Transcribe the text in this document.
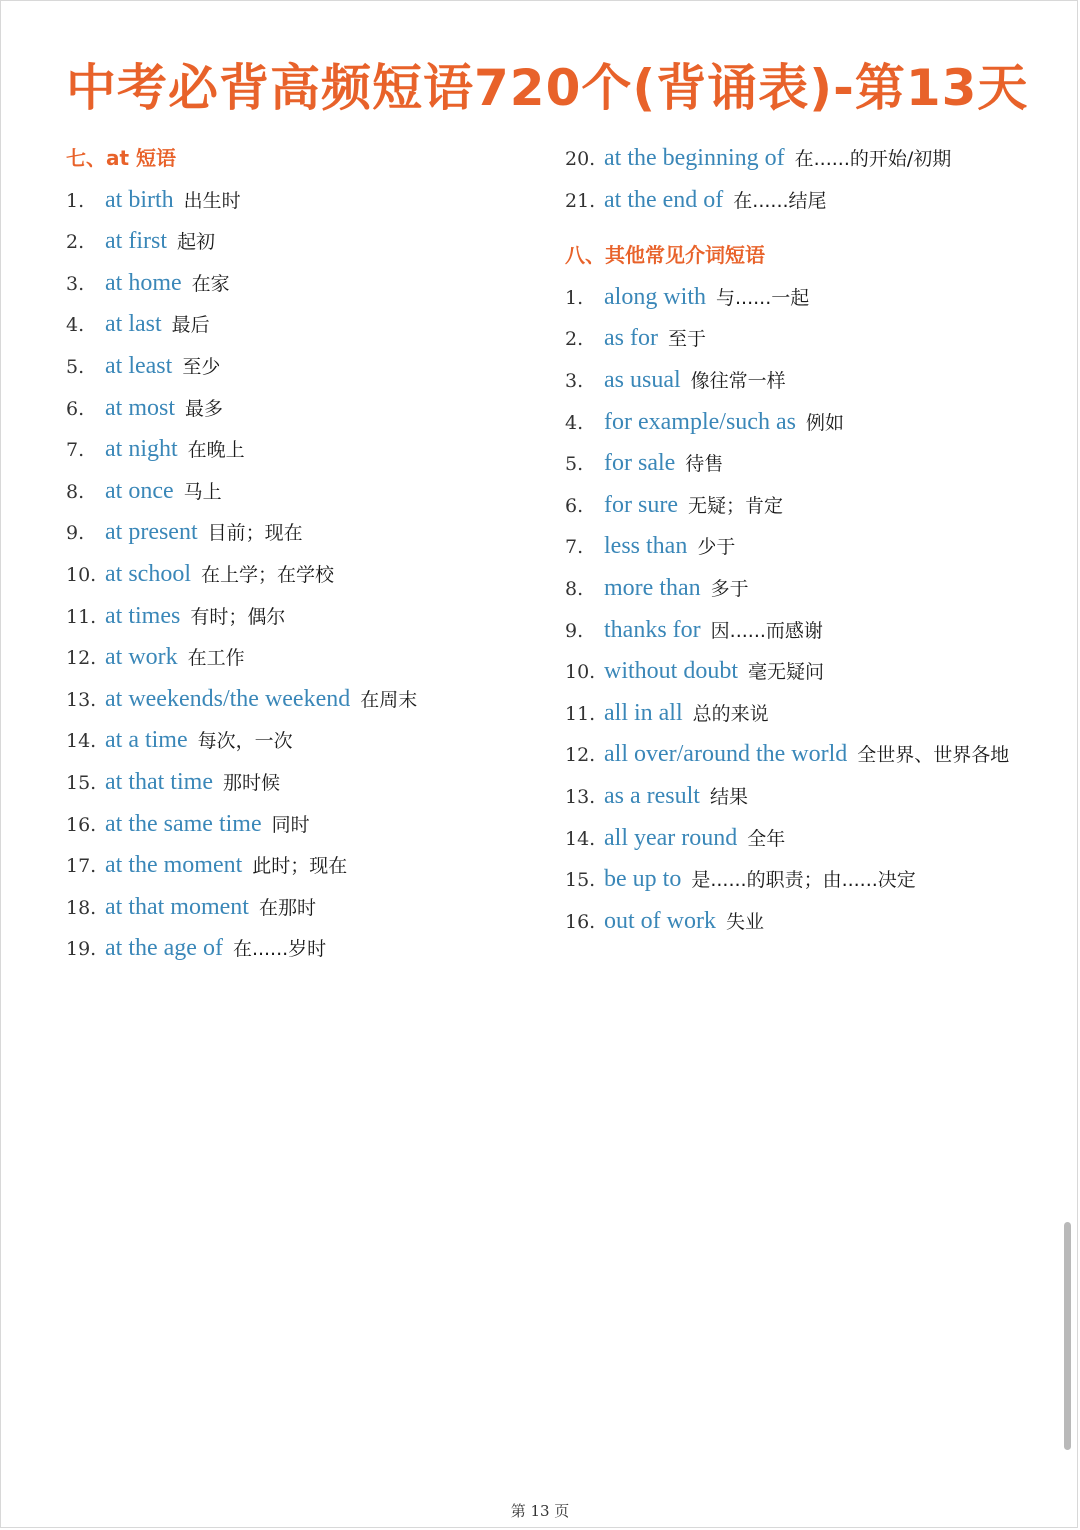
中考必背高频短语720个(背诵表)-第13天
七、at 短语
1. at birth 出生时
2. at first 起初
3. at home 在家
4. at last 最后
5. at least 至少
6. at most 最多
7. at night 在晚上
8. at once 马上
9. at present 目前；现在
10. at school 在上学；在学校
11. at times 有时；偶尔
12. at work 在工作
13. at weekends/the weekend 在周末
14. at a time 每次，一次
15. at that time 那时候
16. at the same time 同时
17. at the moment 此时；现在
18. at that moment 在那时
19. at the age of 在......岁时
20. at the beginning of 在......的开始/初期
21. at the end of 在......结尾
八、其他常见介词短语
1. along with 与......一起
2. as for 至于
3. as usual 像往常一样
4. for example/such as 例如
5. for sale 待售
6. for sure 无疑；肯定
7. less than 少于
8. more than 多于
9. thanks for 因......而感谢
10. without doubt 毫无疑问
11. all in all 总的来说
12. all over/around the world 全世界、世界各地
13. as a result 结果
14. all year round 全年
15. be up to 是......的职责；由......决定
16. out of work 失业
第 13 页
